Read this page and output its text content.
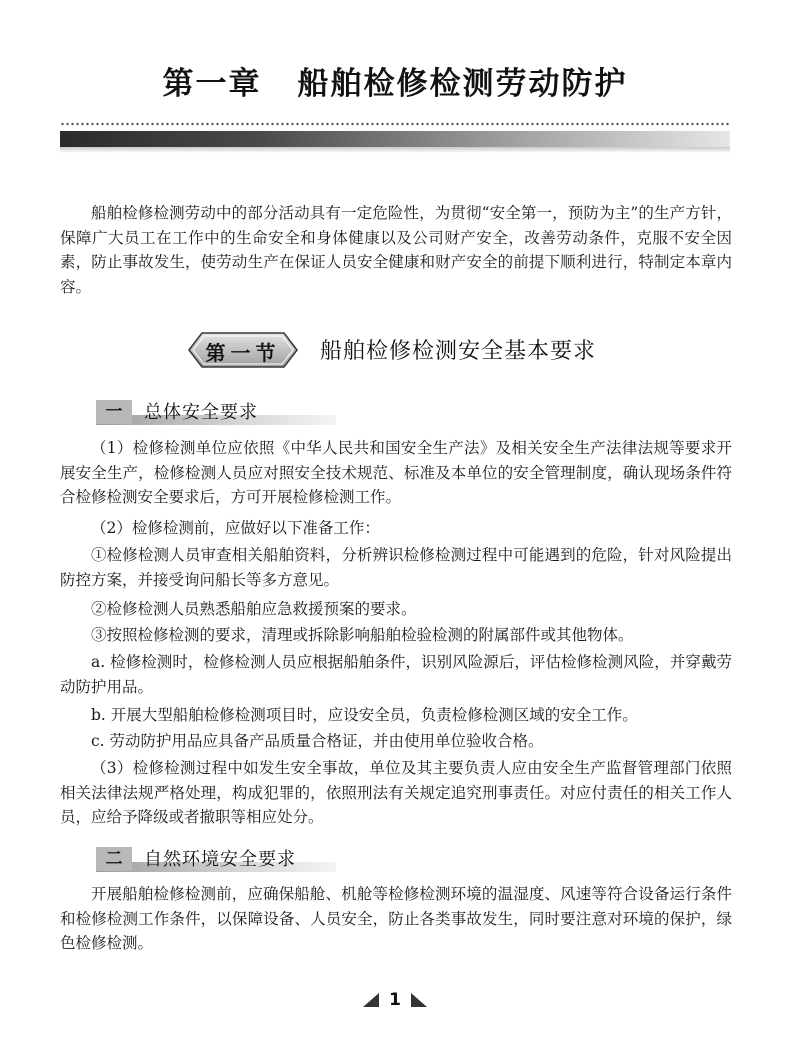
第一章 船舶检修检测劳动防护

船舶检修检测劳动中的部分活动具有一定危险性，为贯彻“安全第一，预防为主”的生产方针，保障广大员工在工作中的生命安全和身体健康以及公司财产安全，改善劳动条件，克服不安全因素，防止事故发生，使劳动生产在保证人员安全健康和财产安全的前提下顺利进行，特制定本章内容。

第一节	船舶检修检测安全基本要求
一	总体安全要求

（1）检修检测单位应依照《中华人民共和国安全生产法》及相关安全生产法律法规等要求开展安全生产，检修检测人员应对照安全技术规范、标准及本单位的安全管理制度，确认现场条件符合检修检测安全要求后，方可开展检修检测工作。

（2）检修检测前，应做好以下准备工作：

①检修检测人员审查相关船舶资料，分析辨识检修检测过程中可能遇到的危险，针对风险提出防控方案，并接受询问船长等多方意见。

②检修检测人员熟悉船舶应急救援预案的要求。

③按照检修检测的要求，清理或拆除影响船舶检验检测的附属部件或其他物体。

a. 检修检测时，检修检测人员应根据船舶条件，识别风险源后，评估检修检测风险，并穿戴劳动防护用品。

b. 开展大型船舶检修检测项目时，应设安全员，负责检修检测区域的安全工作。

c. 劳动防护用品应具备产品质量合格证，并由使用单位验收合格。

（3）检修检测过程中如发生安全事故，单位及其主要负责人应由安全生产监督管理部门依照相关法律法规严格处理，构成犯罪的，依照刑法有关规定追究刑事责任。对应付责任的相关工作人员，应给予降级或者撤职等相应处分。

二	自然环境安全要求

开展船舶检修检测前，应确保船舱、机舱等检修检测环境的温湿度、风速等符合设备运行条件和检修检测工作条件，以保障设备、人员安全，防止各类事故发生，同时要注意对环境的保护，绿色检修检测。

1
